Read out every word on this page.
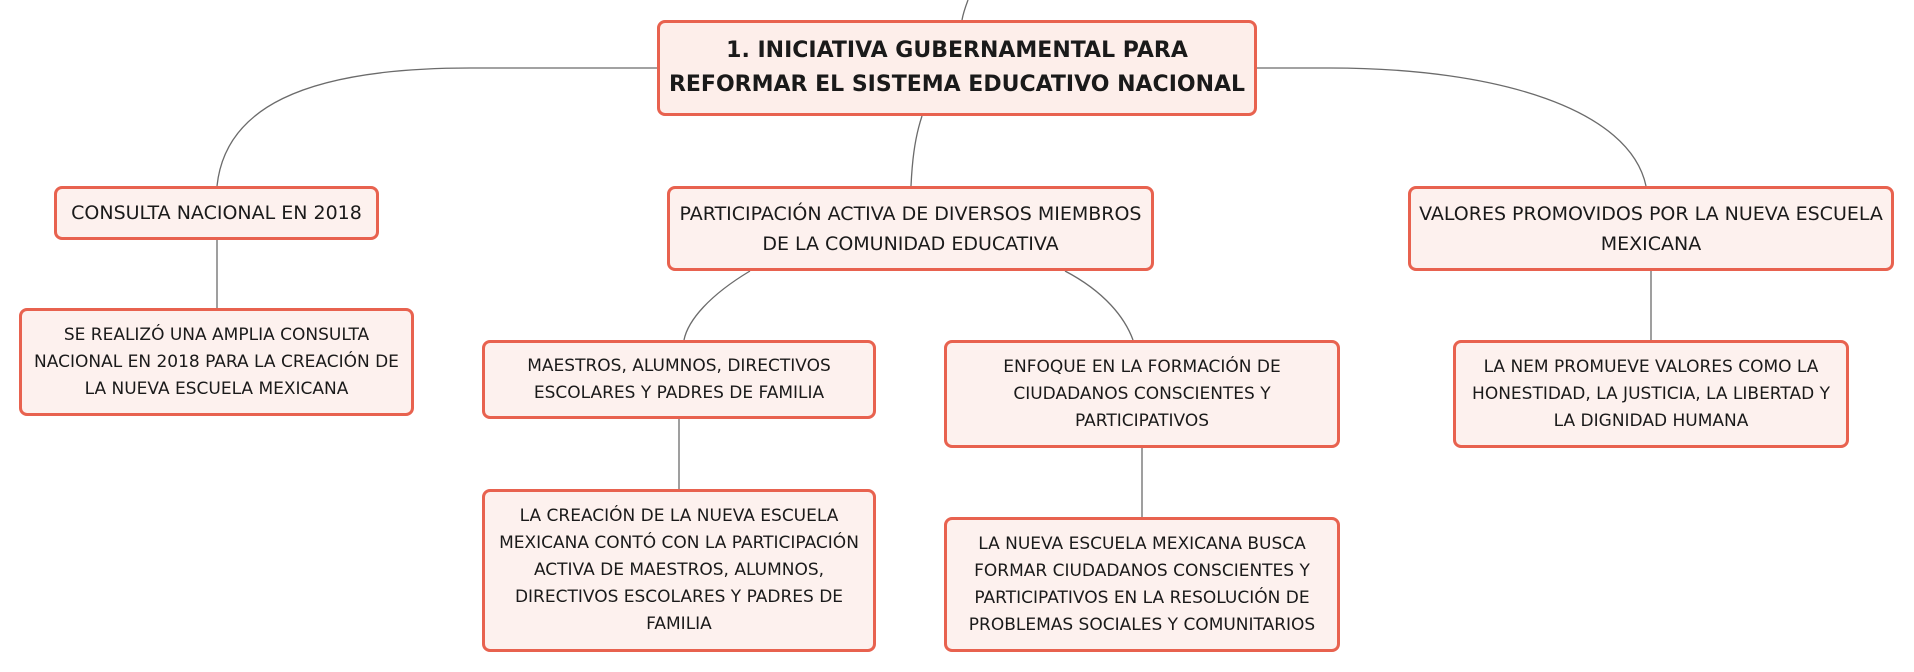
1. INICIATIVA GUBERNAMENTAL PARA REFORMAR EL SISTEMA EDUCATIVO NACIONAL
CONSULTA NACIONAL EN 2018	PARTICIPACIÓN ACTIVA DE DIVERSOS MIEMBROS DE LA COMUNIDAD EDUCATIVA
VALORES PROMOVIDOS POR LA NUEVA ESCUELA MEXICANA
SE REALIZÓ UNA AMPLIA CONSULTA NACIONAL EN 2018 PARA LA CREACIÓN DE LA NUEVA ESCUELA MEXICANA
MAESTROS, ALUMNOS, DIRECTIVOS ESCOLARES Y PADRES DE FAMILIA
ENFOQUE EN LA FORMACIÓN DE CIUDADANOS CONSCIENTES Y PARTICIPATIVOS
LA NEM PROMUEVE VALORES COMO LA HONESTIDAD, LA JUSTICIA, LA LIBERTAD Y LA DIGNIDAD HUMANA
LA CREACIÓN DE LA NUEVA ESCUELA MEXICANA CONTÓ CON LA PARTICIPACIÓN ACTIVA DE MAESTROS, ALUMNOS, DIRECTIVOS ESCOLARES Y PADRES DE FAMILIA
LA NUEVA ESCUELA MEXICANA BUSCA FORMAR CIUDADANOS CONSCIENTES Y PARTICIPATIVOS EN LA RESOLUCIÓN DE PROBLEMAS SOCIALES Y COMUNITARIOS
